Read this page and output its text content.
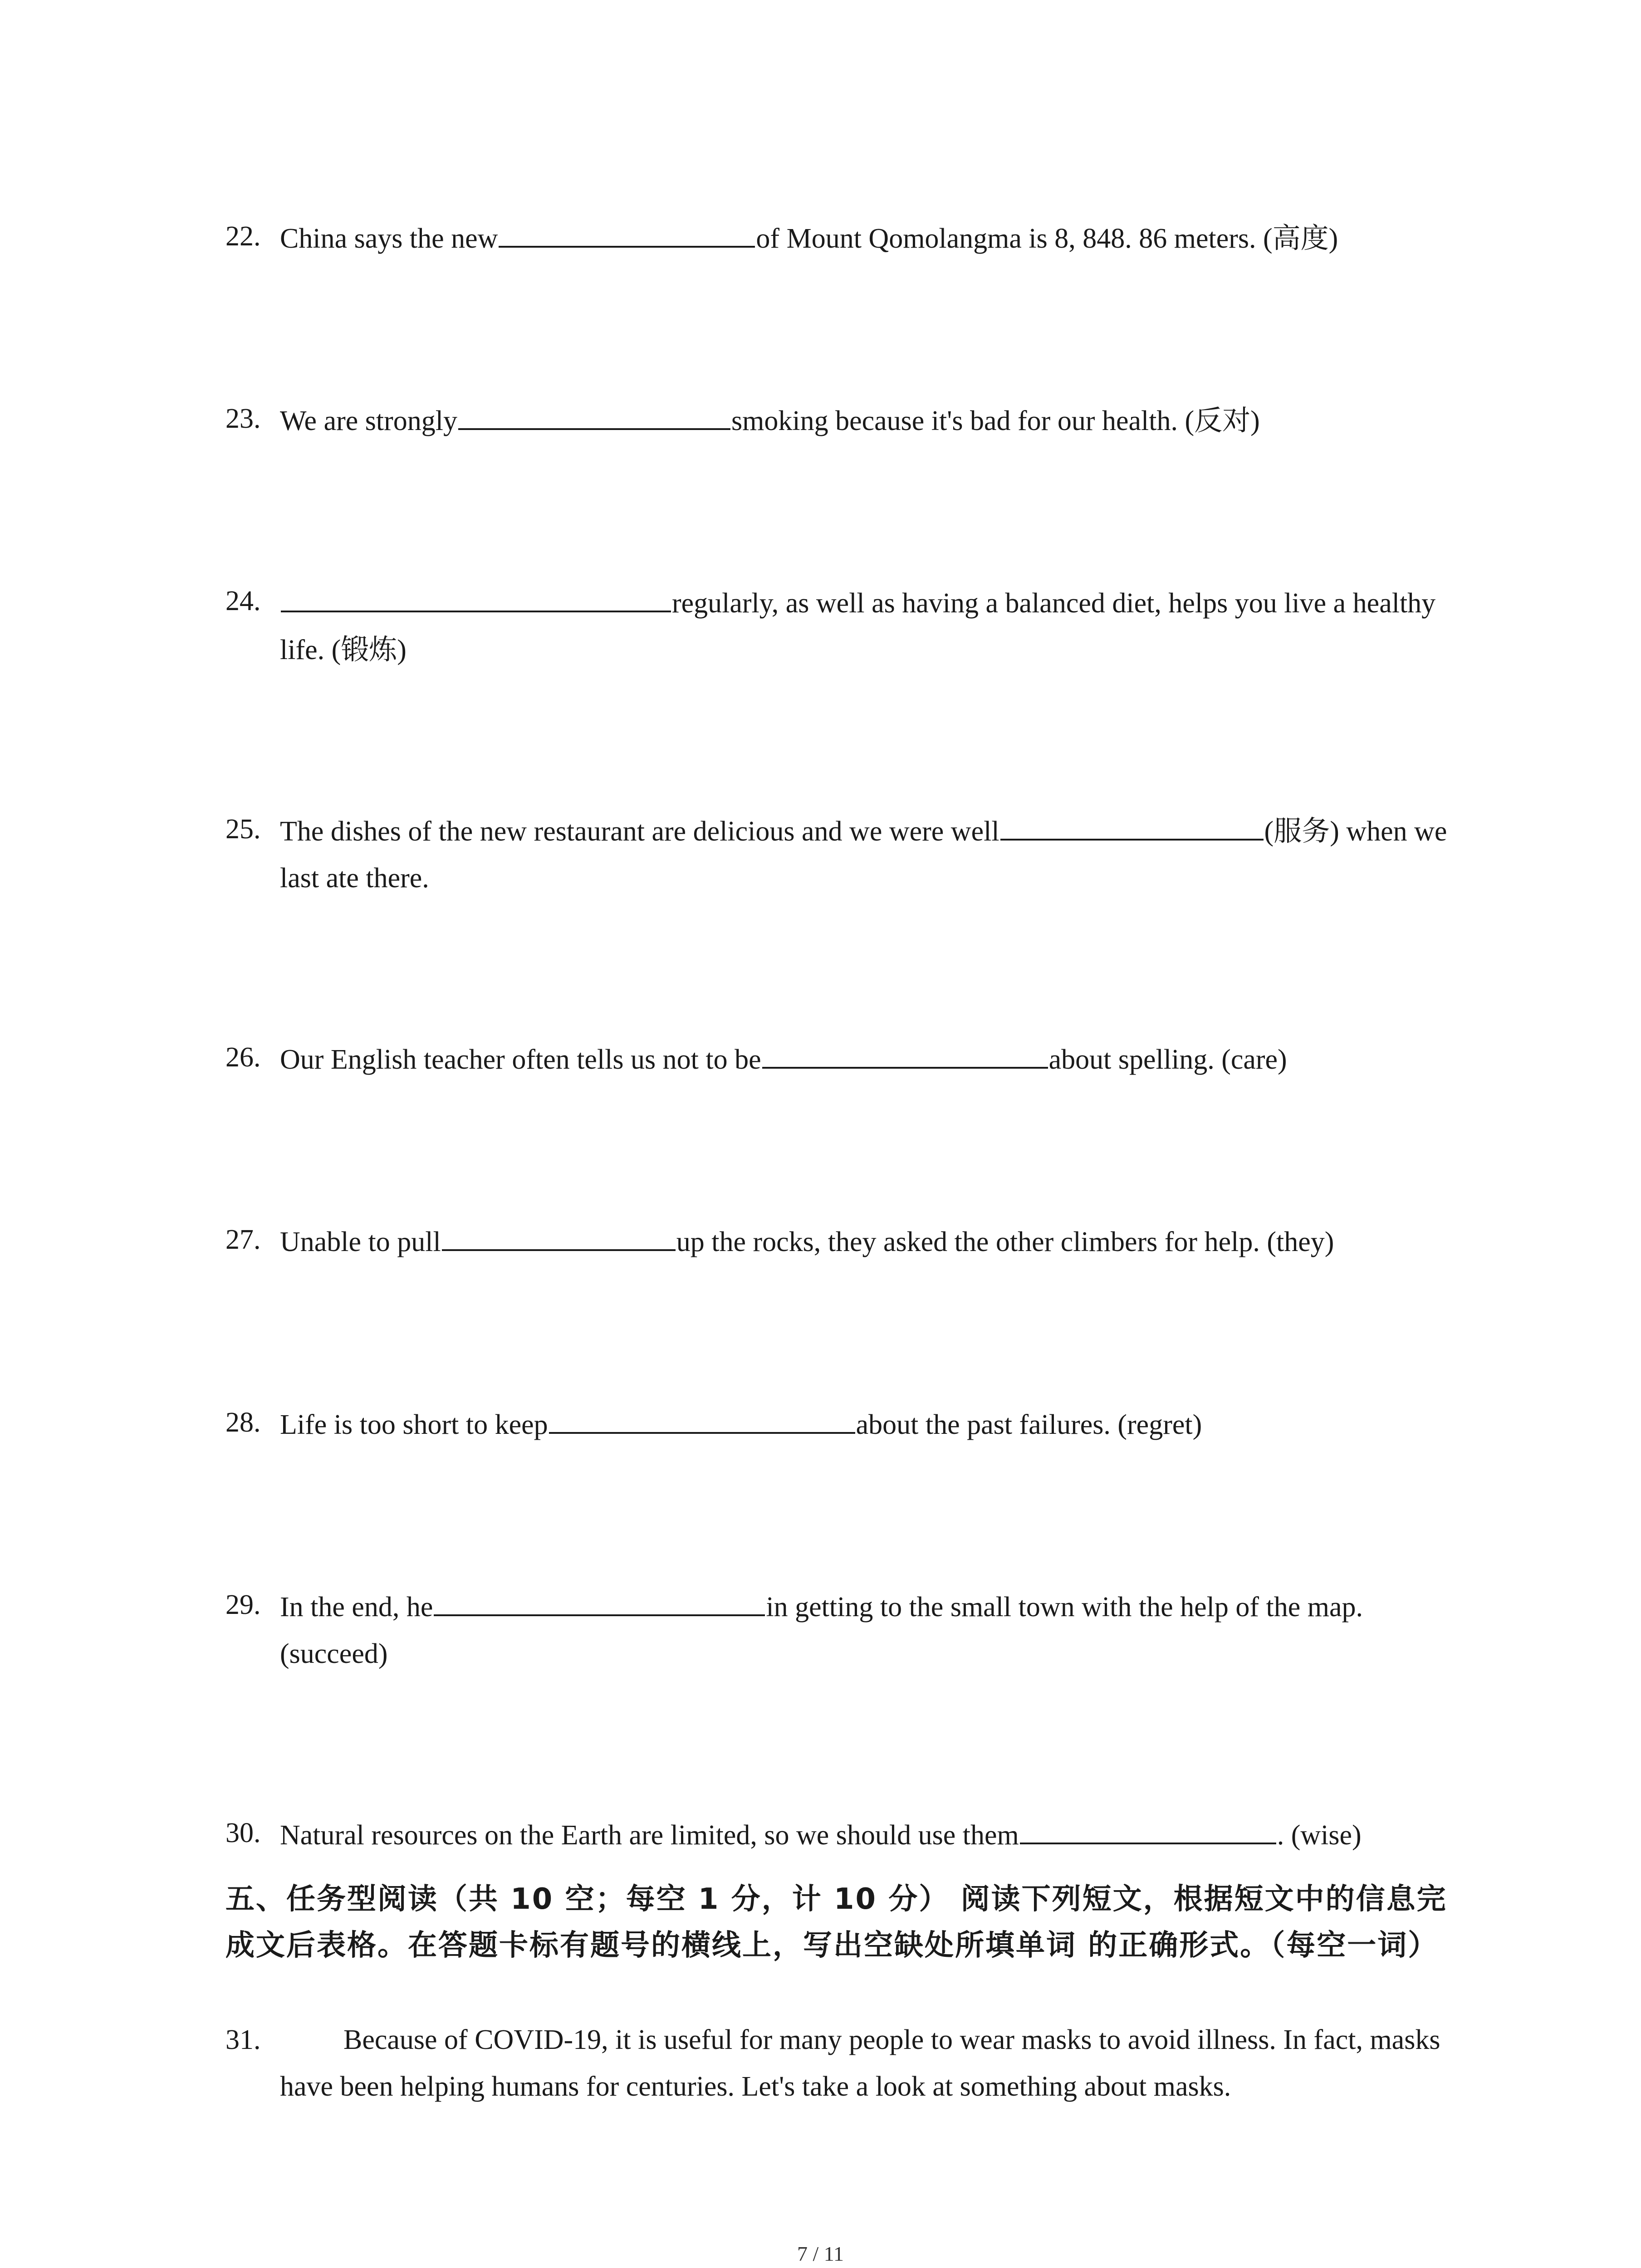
22. China says the new	of Mount Qomolangma is 8, 848. 86 meters. (高度)
23. We are strongly	smoking because it's bad for our health. (反对)
24.	regularly, as well as having a balanced diet, helps you live a healthy life. (锻炼)
25. The dishes of the new restaurant are delicious and we were well	(服务) when we last ate there.
26. Our English teacher often tells us not to be	about spelling. (care)
27. Unable to pull	up the rocks, they asked the other climbers for help. (they)
28. Life is too short to keep	about the past failures. (regret)
29. In the end, he	in getting to the small town with the help of the map. (succeed)
30. Natural resources on the Earth are limited, so we should use them	. (wise)
五、任务型阅读（共 10 空；每空 1 分，计 10 分） 阅读下列短文，根据短文中的信息完成文后表格。在答题卡标有题号的横线上，写出空缺处所填单词 的正确形式。（每空一词）
31.	Because of COVID-19, it is useful for many people to wear masks to avoid illness. In fact, masks have been helping humans for centuries. Let's take a look at something about masks.
7 / 11
